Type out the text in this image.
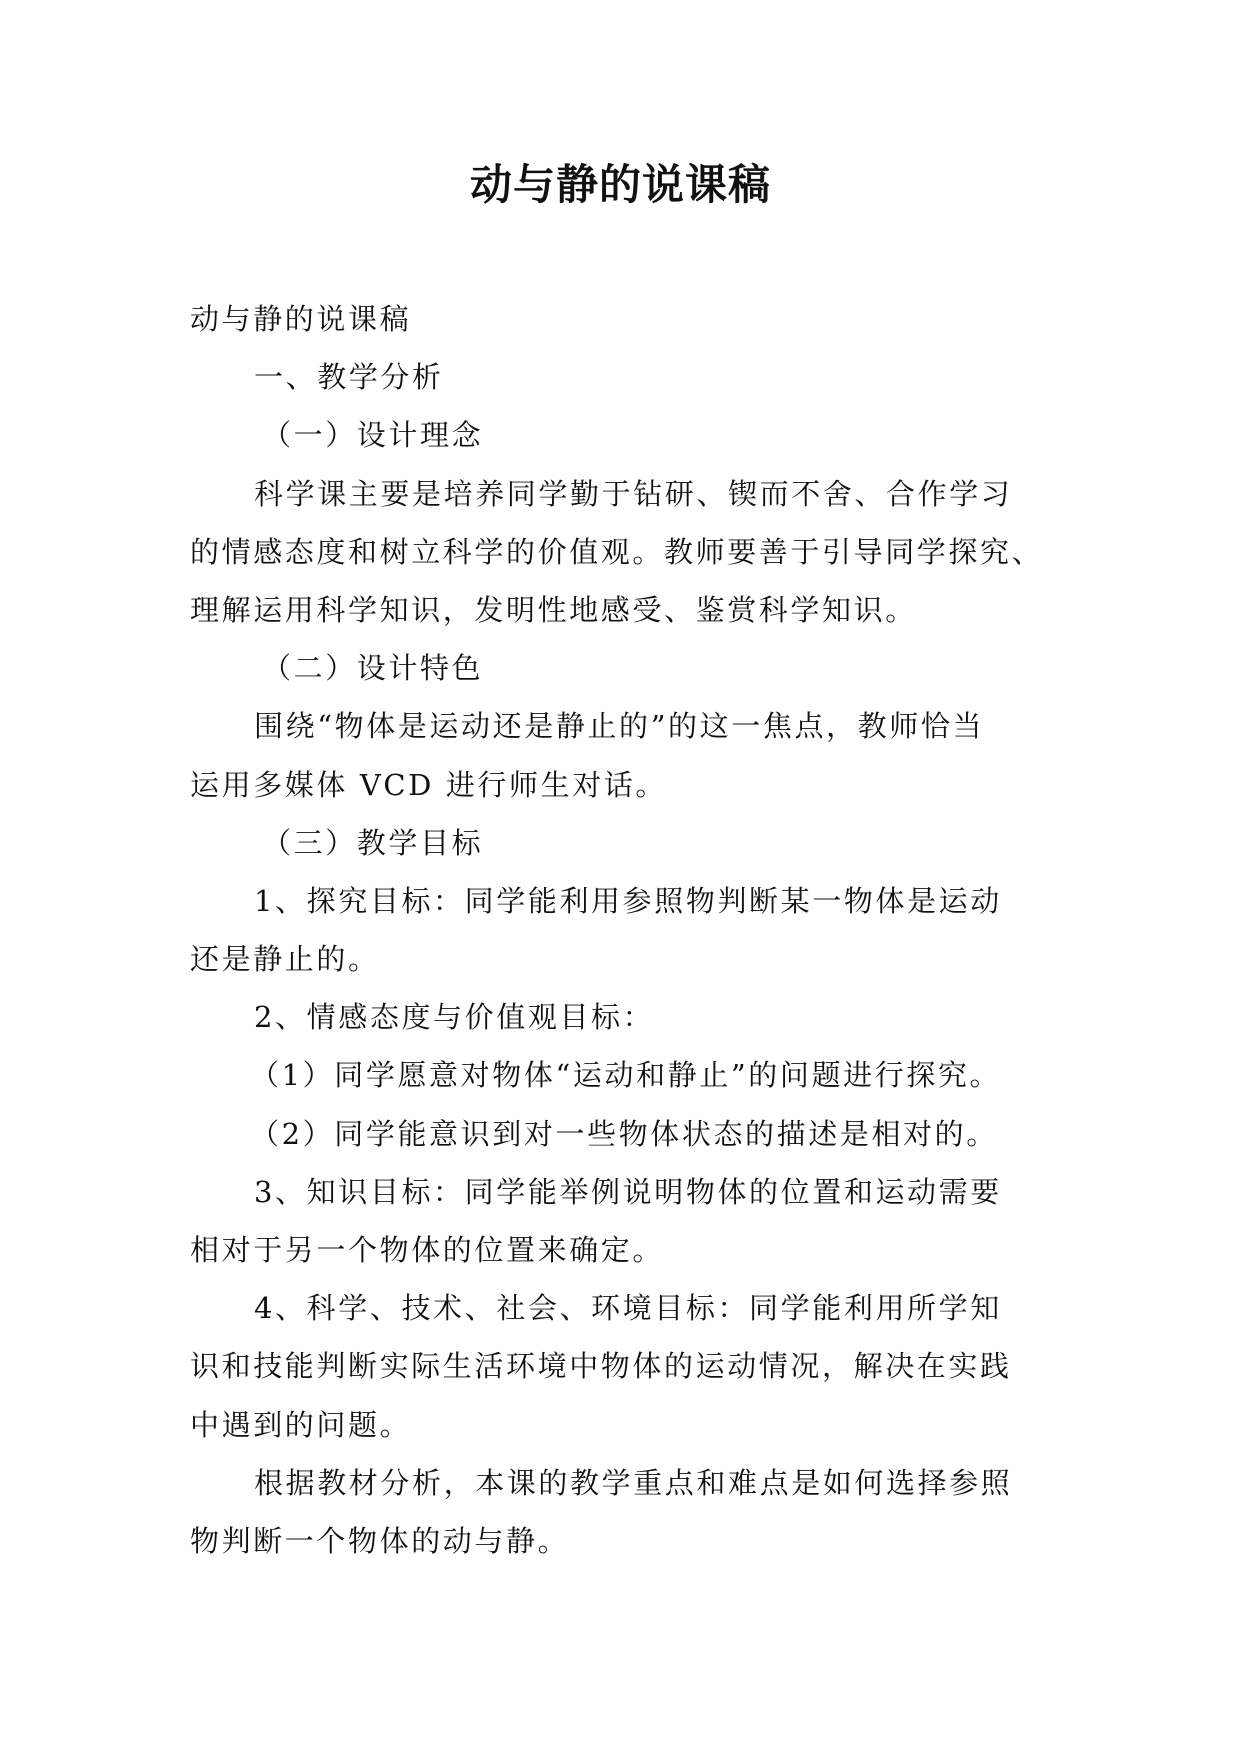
动与静的说课稿
动与静的说课稿
一、教学分析
（一）设计理念
科学课主要是培养同学勤于钻研、锲而不舍、合作学习
的情感态度和树立科学的价值观。教师要善于引导同学探究、
理解运用科学知识，发明性地感受、鉴赏科学知识。
（二）设计特色
围绕“物体是运动还是静止的”的这一焦点，教师恰当
运用多媒体 VCD 进行师生对话。
（三）教学目标
1、探究目标：同学能利用参照物判断某一物体是运动
还是静止的。
2、情感态度与价值观目标：
（1）同学愿意对物体“运动和静止”的问题进行探究。
（2）同学能意识到对一些物体状态的描述是相对的。
3、知识目标：同学能举例说明物体的位置和运动需要
相对于另一个物体的位置来确定。
4、科学、技术、社会、环境目标：同学能利用所学知
识和技能判断实际生活环境中物体的运动情况，解决在实践
中遇到的问题。
根据教材分析，本课的教学重点和难点是如何选择参照
物判断一个物体的动与静。
